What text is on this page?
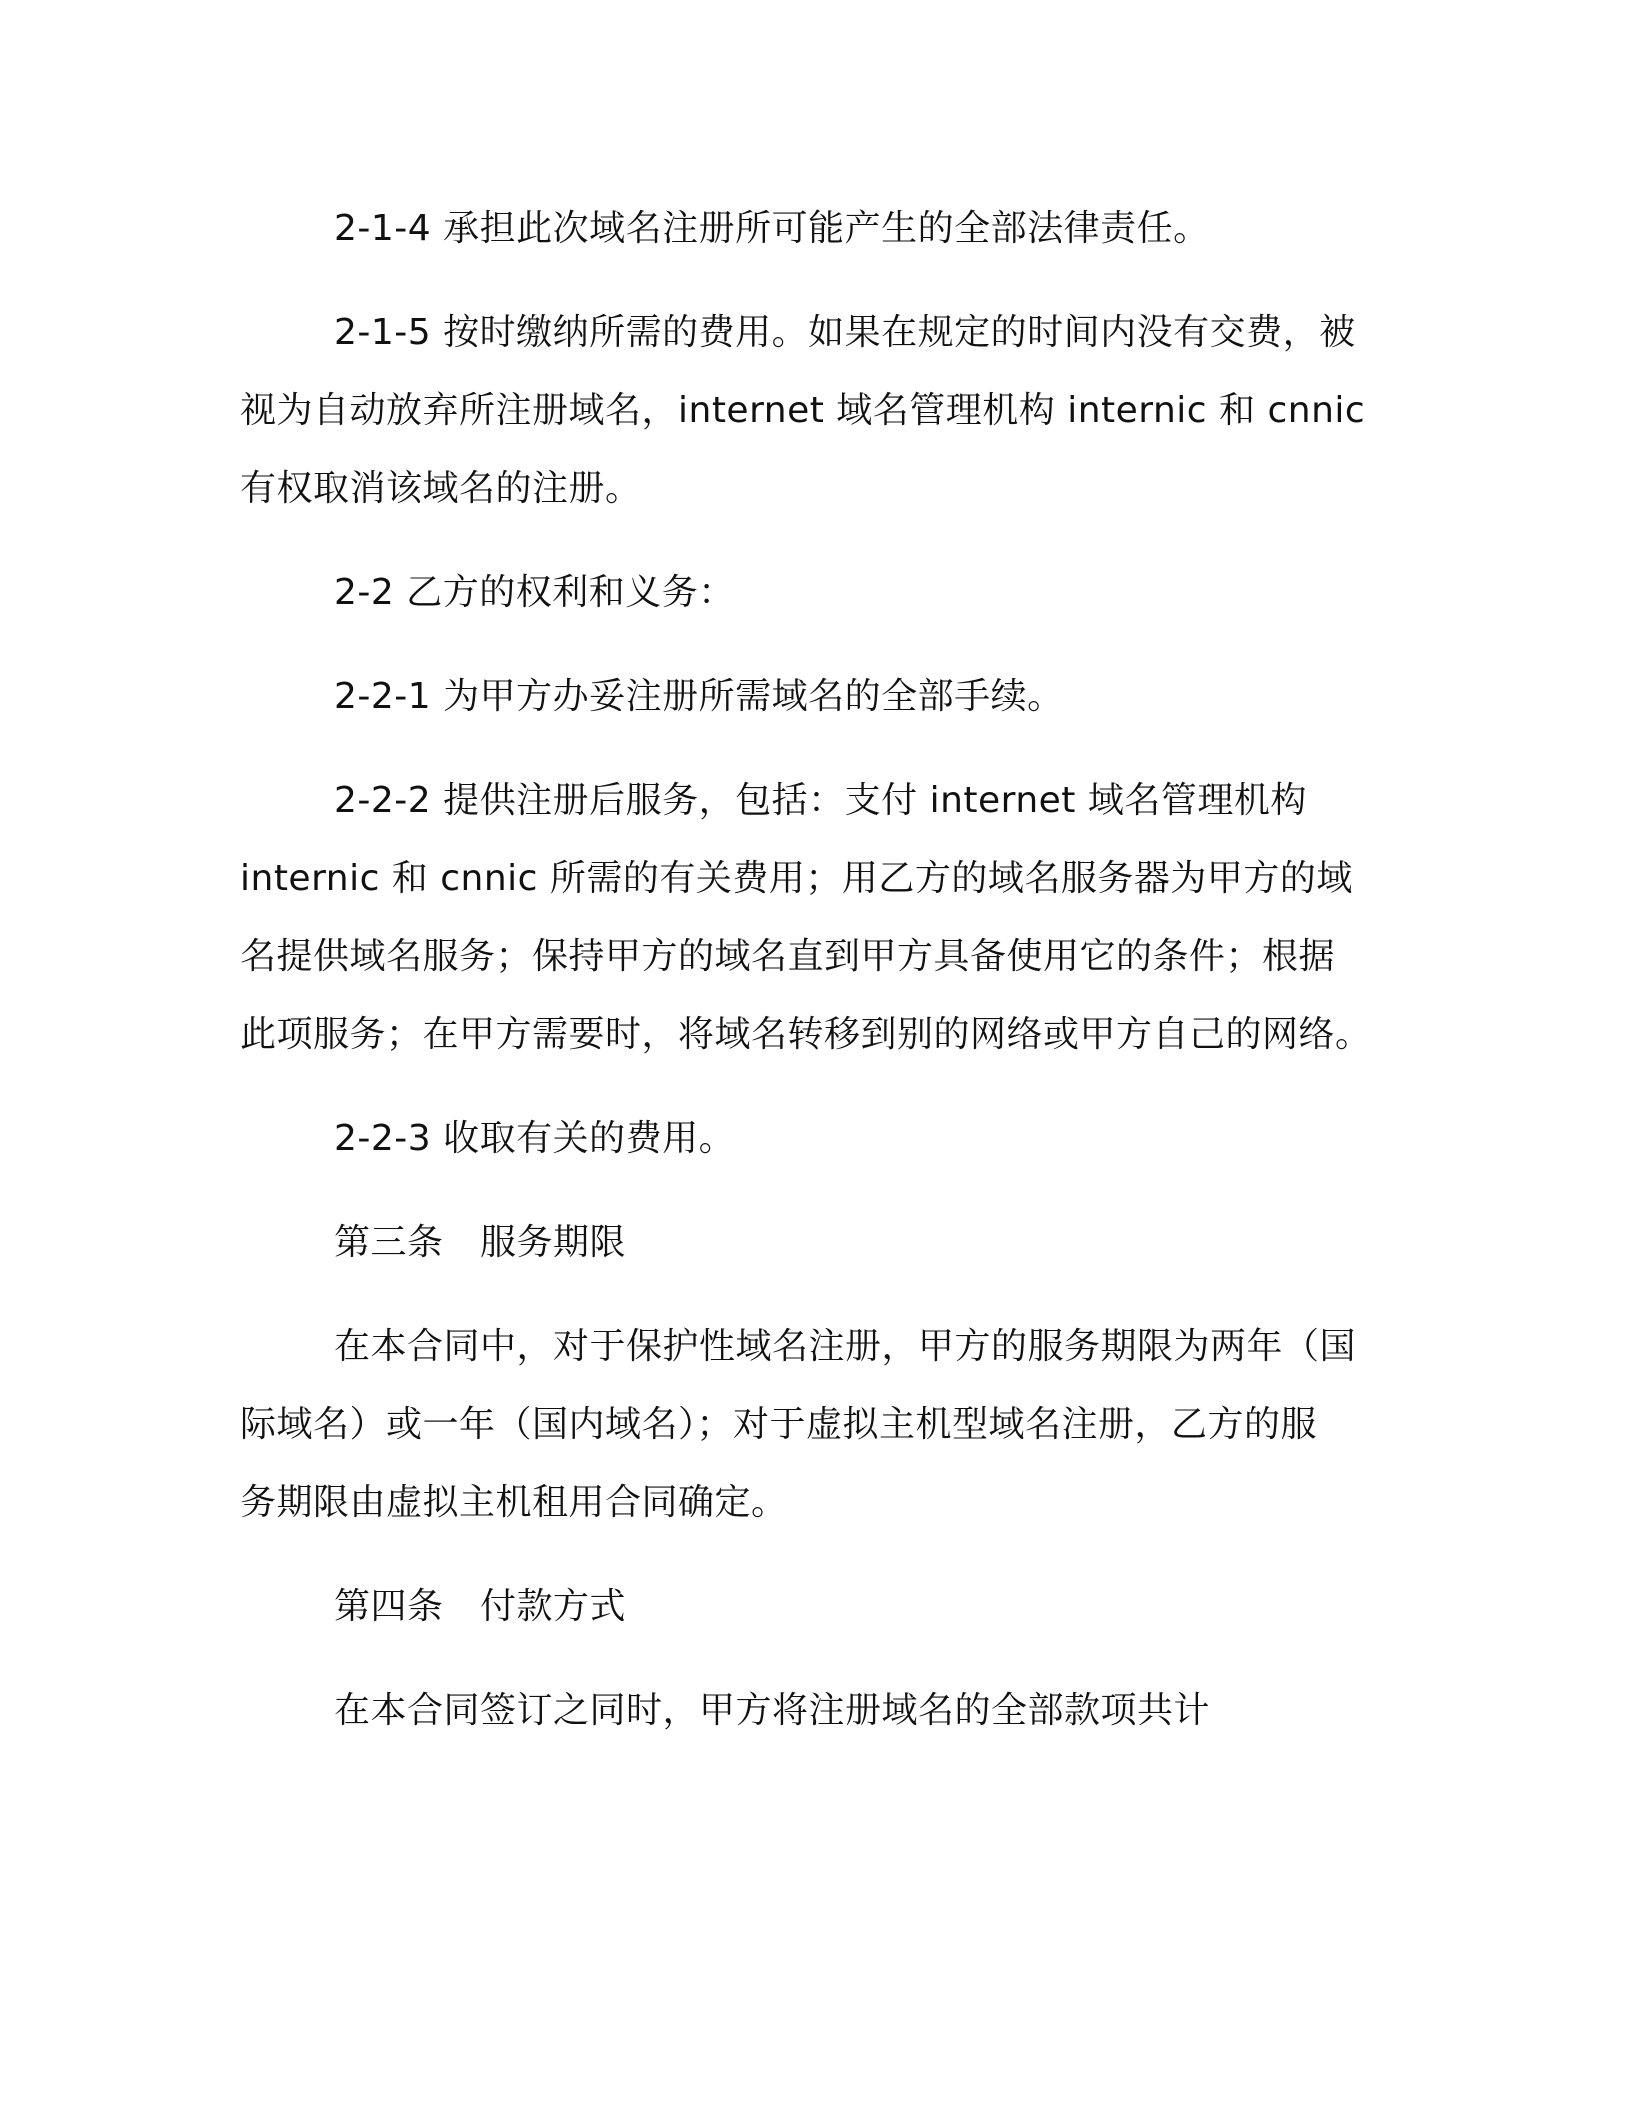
2-1-4 承担此次域名注册所可能产生的全部法律责任。

2-1-5 按时缴纳所需的费用。如果在规定的时间内没有交费，被
视为自动放弃所注册域名，internet 域名管理机构 internic 和 cnnic
有权取消该域名的注册。

2-2 乙方的权利和义务：

2-2-1 为甲方办妥注册所需域名的全部手续。

2-2-2 提供注册后服务，包括：支付 internet 域名管理机构
internic 和 cnnic 所需的有关费用；用乙方的域名服务器为甲方的域
名提供域名服务；保持甲方的域名直到甲方具备使用它的条件；根据
此项服务；在甲方需要时，将域名转移到别的网络或甲方自己的网络。

2-2-3 收取有关的费用。

第三条　服务期限

在本合同中，对于保护性域名注册，甲方的服务期限为两年（国
际域名）或一年（国内域名）；对于虚拟主机型域名注册，乙方的服
务期限由虚拟主机租用合同确定。

第四条　付款方式

在本合同签订之同时，甲方将注册域名的全部款项共计
